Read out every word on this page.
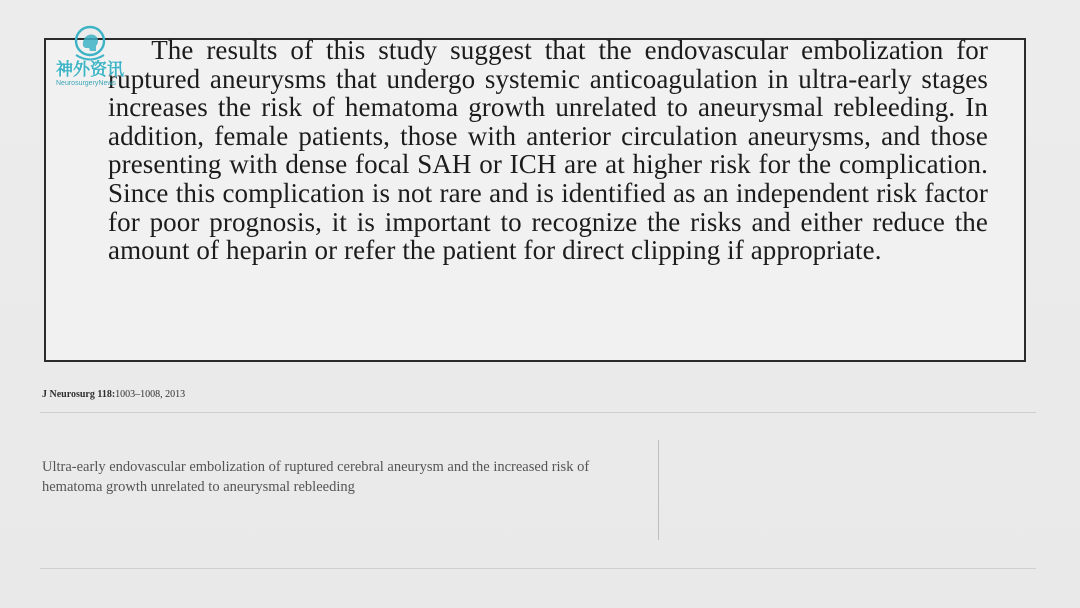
The results of this study suggest that the endovascular embolization for ruptured aneurysms that undergo systemic anticoagulation in ultra-early stages increases the risk of hematoma growth unrelated to aneurysmal rebleeding. In addition, female patients, those with anterior circulation aneurysms, and those presenting with dense focal SAH or ICH are at higher risk for the complication. Since this complication is not rare and is identified as an independent risk factor for poor prognosis, it is important to recognize the risks and either reduce the amount of heparin or refer the patient for direct clipping if appropriate.

神外资讯
NeurosurgeryNews
J Neurosurg 118:1003–1008, 2013

Ultra-early endovascular embolization of ruptured cerebral aneurysm and the increased risk of hematoma growth unrelated to aneurysmal rebleeding
